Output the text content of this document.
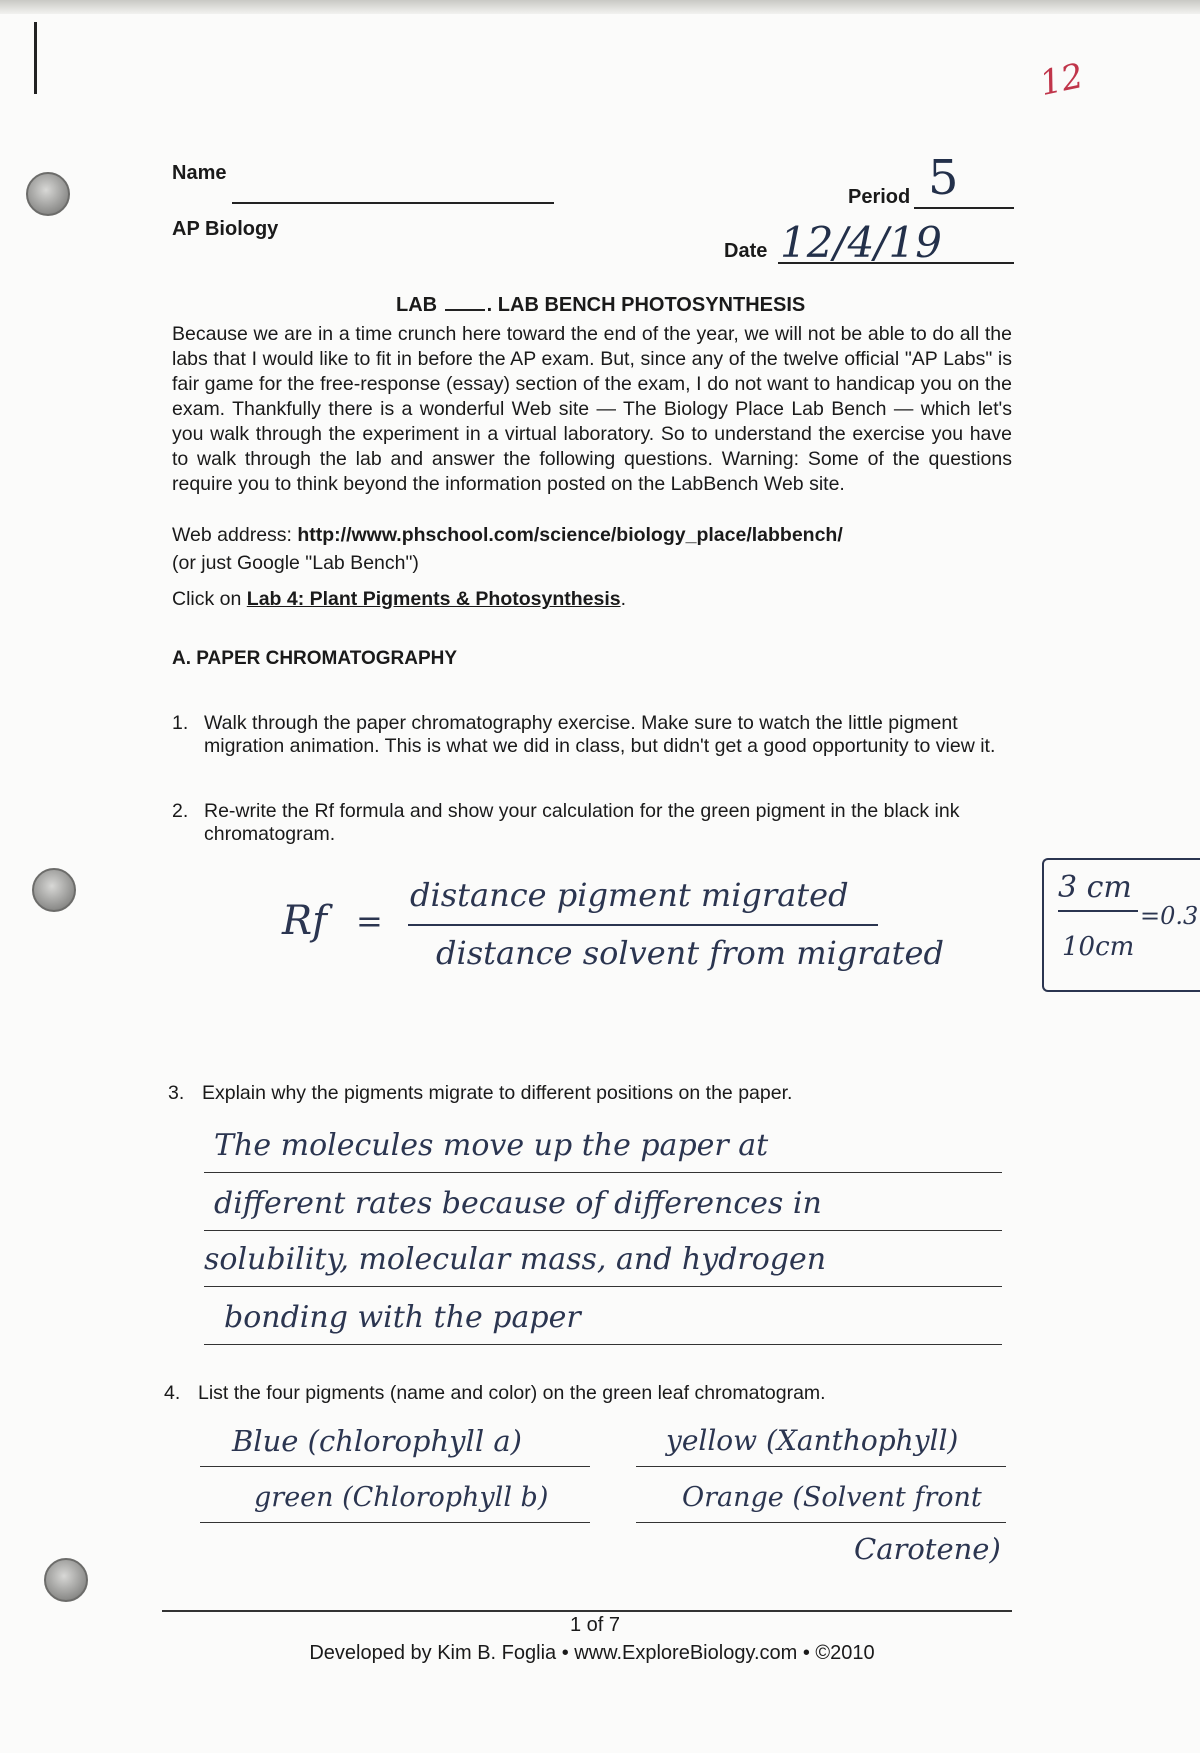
12
Name
AP Biology
Period 5
Date 12/4/19
LAB . LAB BENCH PHOTOSYNTHESIS
Because we are in a time crunch here toward the end of the year, we will not be able to do all the labs that I would like to fit in before the AP exam. But, since any of the twelve official "AP Labs" is fair game for the free-response (essay) section of the exam, I do not want to handicap you on the exam. Thankfully there is a wonderful Web site — The Biology Place Lab Bench — which let's you walk through the experiment in a virtual laboratory. So to understand the exercise you have to walk through the lab and answer the following questions. Warning: Some of the questions require you to think beyond the information posted on the LabBench Web site.
Web address: http://www.phschool.com/science/biology_place/labbench/
(or just Google "Lab Bench")
Click on Lab 4: Plant Pigments & Photosynthesis.
A. PAPER CHROMATOGRAPHY
1. Walk through the paper chromatography exercise. Make sure to watch the little pigment migration animation. This is what we did in class, but didn't get a good opportunity to view it.
2. Re-write the Rf formula and show your calculation for the green pigment in the black ink chromatogram.
Rf =
distance pigment migrated
distance solvent from migrated
3 cm
10cm
=0.3
3. Explain why the pigments migrate to different positions on the paper.
The molecules move up the paper at
different rates because of differences in
solubility, molecular mass, and hydrogen
bonding with the paper
4. List the four pigments (name and color) on the green leaf chromatogram.
Blue (chlorophyll a)
green (Chlorophyll b)
yellow (Xanthophyll)
Orange (Solvent front
Carotene)
1 of 7
Developed by Kim B. Foglia • www.ExploreBiology.com • ©2010
